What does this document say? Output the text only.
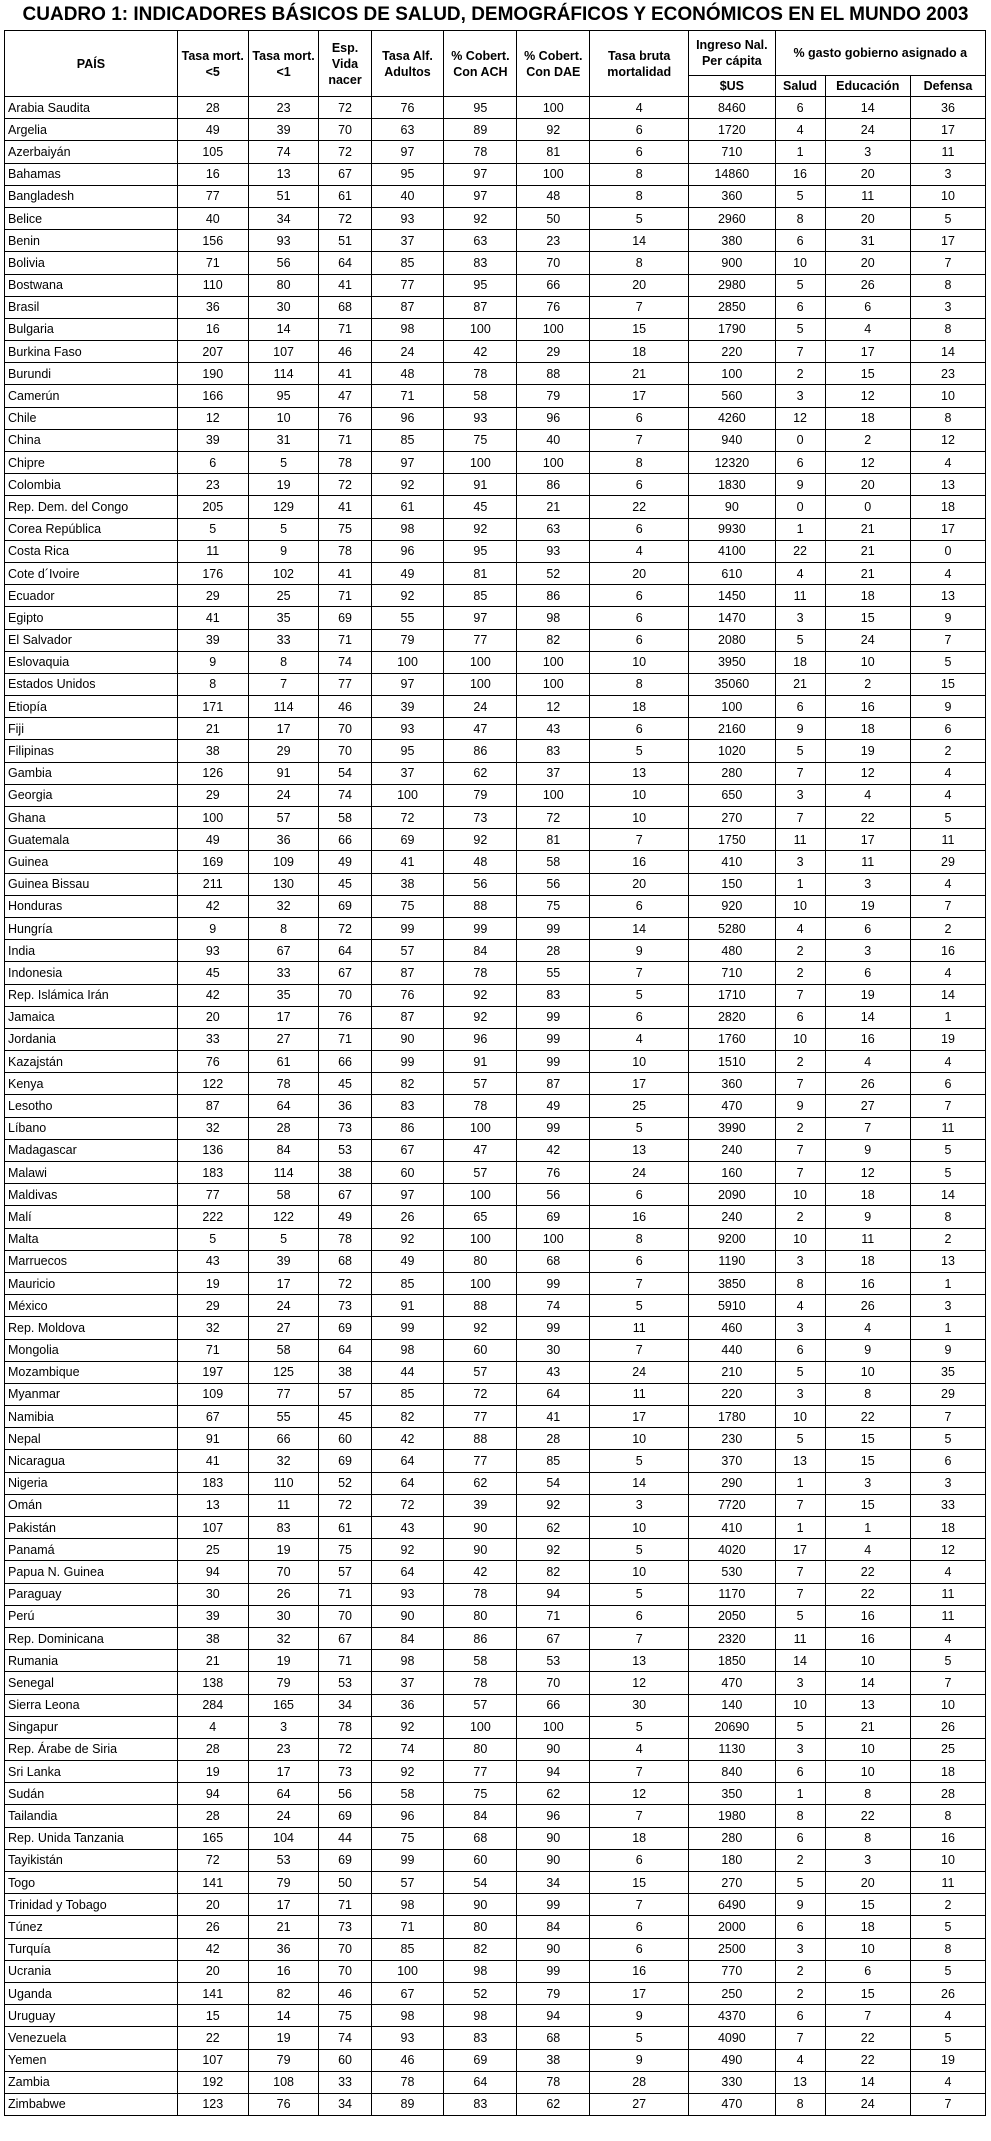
CUADRO 1: INDICADORES BÁSICOS DE SALUD, DEMOGRÁFICOS Y ECONÓMICOS EN EL MUNDO 2003
PAÍS	Tasa mort.<5	Tasa mort.<1	Esp. Vida nacer	Tasa Alf. Adultos	% Cobert. Con ACH	% Cobert. Con DAE	Tasa bruta mortalidad	Ingreso Nal. Per cápita	% gasto gobierno asignado a		
								$US	Salud	Educación	Defensa
Arabia Saudita	28	23	72	76	95	100	4	8460	6	14	36
Argelia	49	39	70	63	89	92	6	1720	4	24	17
Azerbaiyán	105	74	72	97	78	81	6	710	1	3	11
Bahamas	16	13	67	95	97	100	8	14860	16	20	3
Bangladesh	77	51	61	40	97	48	8	360	5	11	10
Belice	40	34	72	93	92	50	5	2960	8	20	5
Benin	156	93	51	37	63	23	14	380	6	31	17
Bolivia	71	56	64	85	83	70	8	900	10	20	7
Bostwana	110	80	41	77	95	66	20	2980	5	26	8
Brasil	36	30	68	87	87	76	7	2850	6	6	3
Bulgaria	16	14	71	98	100	100	15	1790	5	4	8
Burkina Faso	207	107	46	24	42	29	18	220	7	17	14
Burundi	190	114	41	48	78	88	21	100	2	15	23
Camerún	166	95	47	71	58	79	17	560	3	12	10
Chile	12	10	76	96	93	96	6	4260	12	18	8
China	39	31	71	85	75	40	7	940	0	2	12
Chipre	6	5	78	97	100	100	8	12320	6	12	4
Colombia	23	19	72	92	91	86	6	1830	9	20	13
Rep. Dem. del Congo	205	129	41	61	45	21	22	90	0	0	18
Corea República	5	5	75	98	92	63	6	9930	1	21	17
Costa Rica	11	9	78	96	95	93	4	4100	22	21	0
Cote d´Ivoire	176	102	41	49	81	52	20	610	4	21	4
Ecuador	29	25	71	92	85	86	6	1450	11	18	13
Egipto	41	35	69	55	97	98	6	1470	3	15	9
El Salvador	39	33	71	79	77	82	6	2080	5	24	7
Eslovaquia	9	8	74	100	100	100	10	3950	18	10	5
Estados Unidos	8	7	77	97	100	100	8	35060	21	2	15
Etiopía	171	114	46	39	24	12	18	100	6	16	9
Fiji	21	17	70	93	47	43	6	2160	9	18	6
Filipinas	38	29	70	95	86	83	5	1020	5	19	2
Gambia	126	91	54	37	62	37	13	280	7	12	4
Georgia	29	24	74	100	79	100	10	650	3	4	4
Ghana	100	57	58	72	73	72	10	270	7	22	5
Guatemala	49	36	66	69	92	81	7	1750	11	17	11
Guinea	169	109	49	41	48	58	16	410	3	11	29
Guinea Bissau	211	130	45	38	56	56	20	150	1	3	4
Honduras	42	32	69	75	88	75	6	920	10	19	7
Hungría	9	8	72	99	99	99	14	5280	4	6	2
India	93	67	64	57	84	28	9	480	2	3	16
Indonesia	45	33	67	87	78	55	7	710	2	6	4
Rep. Islámica Irán	42	35	70	76	92	83	5	1710	7	19	14
Jamaica	20	17	76	87	92	99	6	2820	6	14	1
Jordania	33	27	71	90	96	99	4	1760	10	16	19
Kazajstán	76	61	66	99	91	99	10	1510	2	4	4
Kenya	122	78	45	82	57	87	17	360	7	26	6
Lesotho	87	64	36	83	78	49	25	470	9	27	7
Líbano	32	28	73	86	100	99	5	3990	2	7	11
Madagascar	136	84	53	67	47	42	13	240	7	9	5
Malawi	183	114	38	60	57	76	24	160	7	12	5
Maldivas	77	58	67	97	100	56	6	2090	10	18	14
Malí	222	122	49	26	65	69	16	240	2	9	8
Malta	5	5	78	92	100	100	8	9200	10	11	2
Marruecos	43	39	68	49	80	68	6	1190	3	18	13
Mauricio	19	17	72	85	100	99	7	3850	8	16	1
México	29	24	73	91	88	74	5	5910	4	26	3
Rep. Moldova	32	27	69	99	92	99	11	460	3	4	1
Mongolia	71	58	64	98	60	30	7	440	6	9	9
Mozambique	197	125	38	44	57	43	24	210	5	10	35
Myanmar	109	77	57	85	72	64	11	220	3	8	29
Namibia	67	55	45	82	77	41	17	1780	10	22	7
Nepal	91	66	60	42	88	28	10	230	5	15	5
Nicaragua	41	32	69	64	77	85	5	370	13	15	6
Nigeria	183	110	52	64	62	54	14	290	1	3	3
Omán	13	11	72	72	39	92	3	7720	7	15	33
Pakistán	107	83	61	43	90	62	10	410	1	1	18
Panamá	25	19	75	92	90	92	5	4020	17	4	12
Papua N. Guinea	94	70	57	64	42	82	10	530	7	22	4
Paraguay	30	26	71	93	78	94	5	1170	7	22	11
Perú	39	30	70	90	80	71	6	2050	5	16	11
Rep. Dominicana	38	32	67	84	86	67	7	2320	11	16	4
Rumania	21	19	71	98	58	53	13	1850	14	10	5
Senegal	138	79	53	37	78	70	12	470	3	14	7
Sierra Leona	284	165	34	36	57	66	30	140	10	13	10
Singapur	4	3	78	92	100	100	5	20690	5	21	26
Rep. Árabe de Siria	28	23	72	74	80	90	4	1130	3	10	25
Sri Lanka	19	17	73	92	77	94	7	840	6	10	18
Sudán	94	64	56	58	75	62	12	350	1	8	28
Tailandia	28	24	69	96	84	96	7	1980	8	22	8
Rep. Unida Tanzania	165	104	44	75	68	90	18	280	6	8	16
Tayikistán	72	53	69	99	60	90	6	180	2	3	10
Togo	141	79	50	57	54	34	15	270	5	20	11
Trinidad y Tobago	20	17	71	98	90	99	7	6490	9	15	2
Túnez	26	21	73	71	80	84	6	2000	6	18	5
Turquía	42	36	70	85	82	90	6	2500	3	10	8
Ucrania	20	16	70	100	98	99	16	770	2	6	5
Uganda	141	82	46	67	52	79	17	250	2	15	26
Uruguay	15	14	75	98	98	94	9	4370	6	7	4
Venezuela	22	19	74	93	83	68	5	4090	7	22	5
Yemen	107	79	60	46	69	38	9	490	4	22	19
Zambia	192	108	33	78	64	78	28	330	13	14	4
Zimbabwe	123	76	34	89	83	62	27	470	8	24	7
